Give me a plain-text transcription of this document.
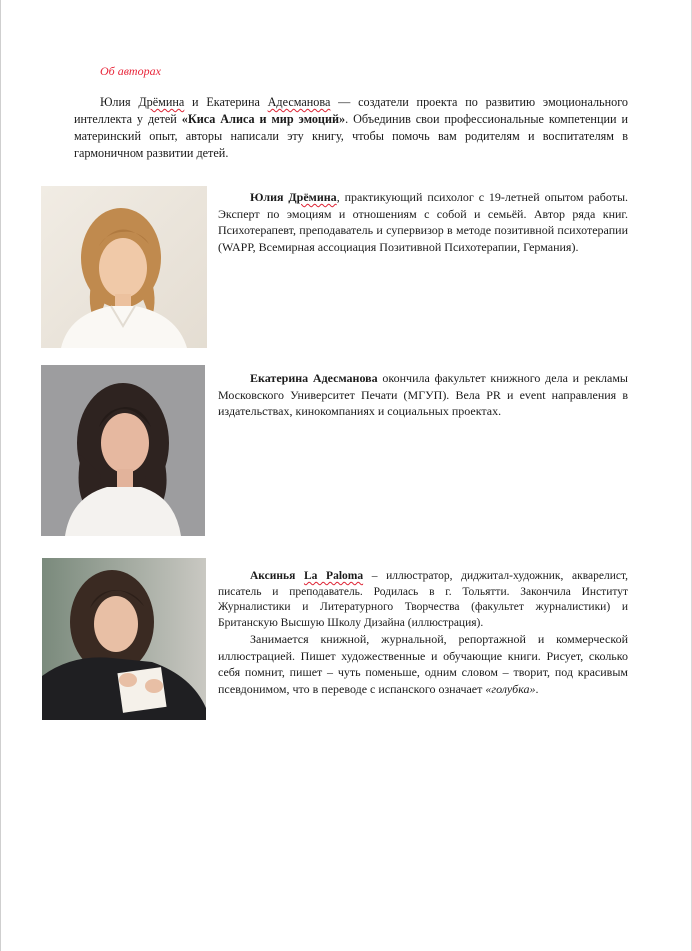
Об авторах

Юлия Дрёмина и Екатерина Адесманова — создатели проекта по развитию эмоционального интеллекта у детей «Киса Алиса и мир эмоций». Объединив свои профессиональные компетенции и материнский опыт, авторы написали эту книгу, чтобы помочь вам родителям и воспитателям в гармоничном развитии детей.

Юлия Дрёмина, практикующий психолог с 19-летней опытом работы. Эксперт по эмоциям и отношениям с собой и семьёй. Автор ряда книг. Психотерапевт, преподаватель и супервизор в методе позитивной психотерапии (WAPP, Всемирная ассоциация Позитивной Психотерапии, Германия).

Екатерина Адесманова окончила факультет книжного дела и рекламы Московского Университет Печати (МГУП). Вела PR и event направления в издательствах, кинокомпаниях и социальных проектах.

Аксинья La Paloma – иллюстратор, диджитал-художник, акварелист, писатель и преподаватель. Родилась в г. Тольятти. Закончила Институт Журналистики и Литературного Творчества (факультет журналистики) и Британскую Высшую Школу Дизайна (иллюстрация).

Занимается книжной, журнальной, репортажной и коммерческой иллюстрацией. Пишет художественные и обучающие книги. Рисует, сколько себя помнит, пишет – чуть поменьше, одним словом – творит, под красивым псевдонимом, что в переводе с испанского означает «голубка».
